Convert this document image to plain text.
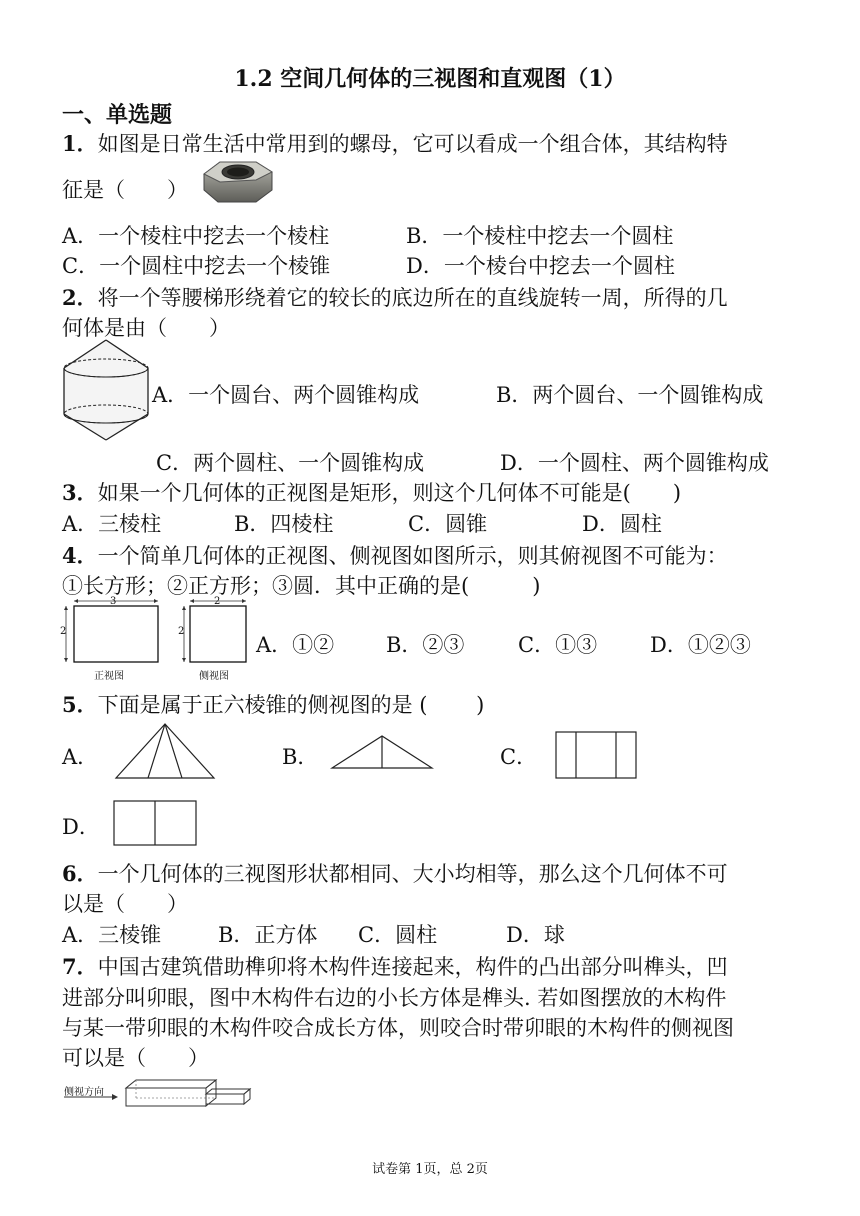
1.2 空间几何体的三视图和直观图（1）
一、单选题
1．如图是日常生活中常用到的螺母，它可以看成一个组合体，其结构特
征是（　　）
A．一个棱柱中挖去一个棱柱	B．一个棱柱中挖去一个圆柱
C．一个圆柱中挖去一个棱锥	D．一个棱台中挖去一个圆柱
2．将一个等腰梯形绕着它的较长的底边所在的直线旋转一周，所得的几
何体是由（　　）
A．一个圆台、两个圆锥构成	B．两个圆台、一个圆锥构成
C．两个圆柱、一个圆锥构成	D．一个圆柱、两个圆锥构成
3．如果一个几何体的正视图是矩形，则这个几何体不可能是(　　)
A．三棱柱	B．四棱柱	C．圆锥	D．圆柱
4．一个简单几何体的正视图、侧视图如图所示，则其俯视图不可能为：
①长方形；②正方形；③圆．其中正确的是(　　　)
3
2
2
2
正视图	侧视图
A．①② B．②③	C．①③	D．①②③
5．下面是属于正六棱锥的侧视图的是 (　　 )
A．	B．	C．
D．
6．一个几何体的三视图形状都相同、大小均相等，那么这个几何体不可
以是（　　）
A．三棱锥	B．正方体 C．圆柱	D．球
7．中国古建筑借助榫卯将木构件连接起来，构件的凸出部分叫榫头，凹
进部分叫卯眼，图中木构件右边的小长方体是榫头. 若如图摆放的木构件
与某一带卯眼的木构件咬合成长方体，则咬合时带卯眼的木构件的侧视图
可以是（　　）
侧视方向
试卷第 1页，总 2页
